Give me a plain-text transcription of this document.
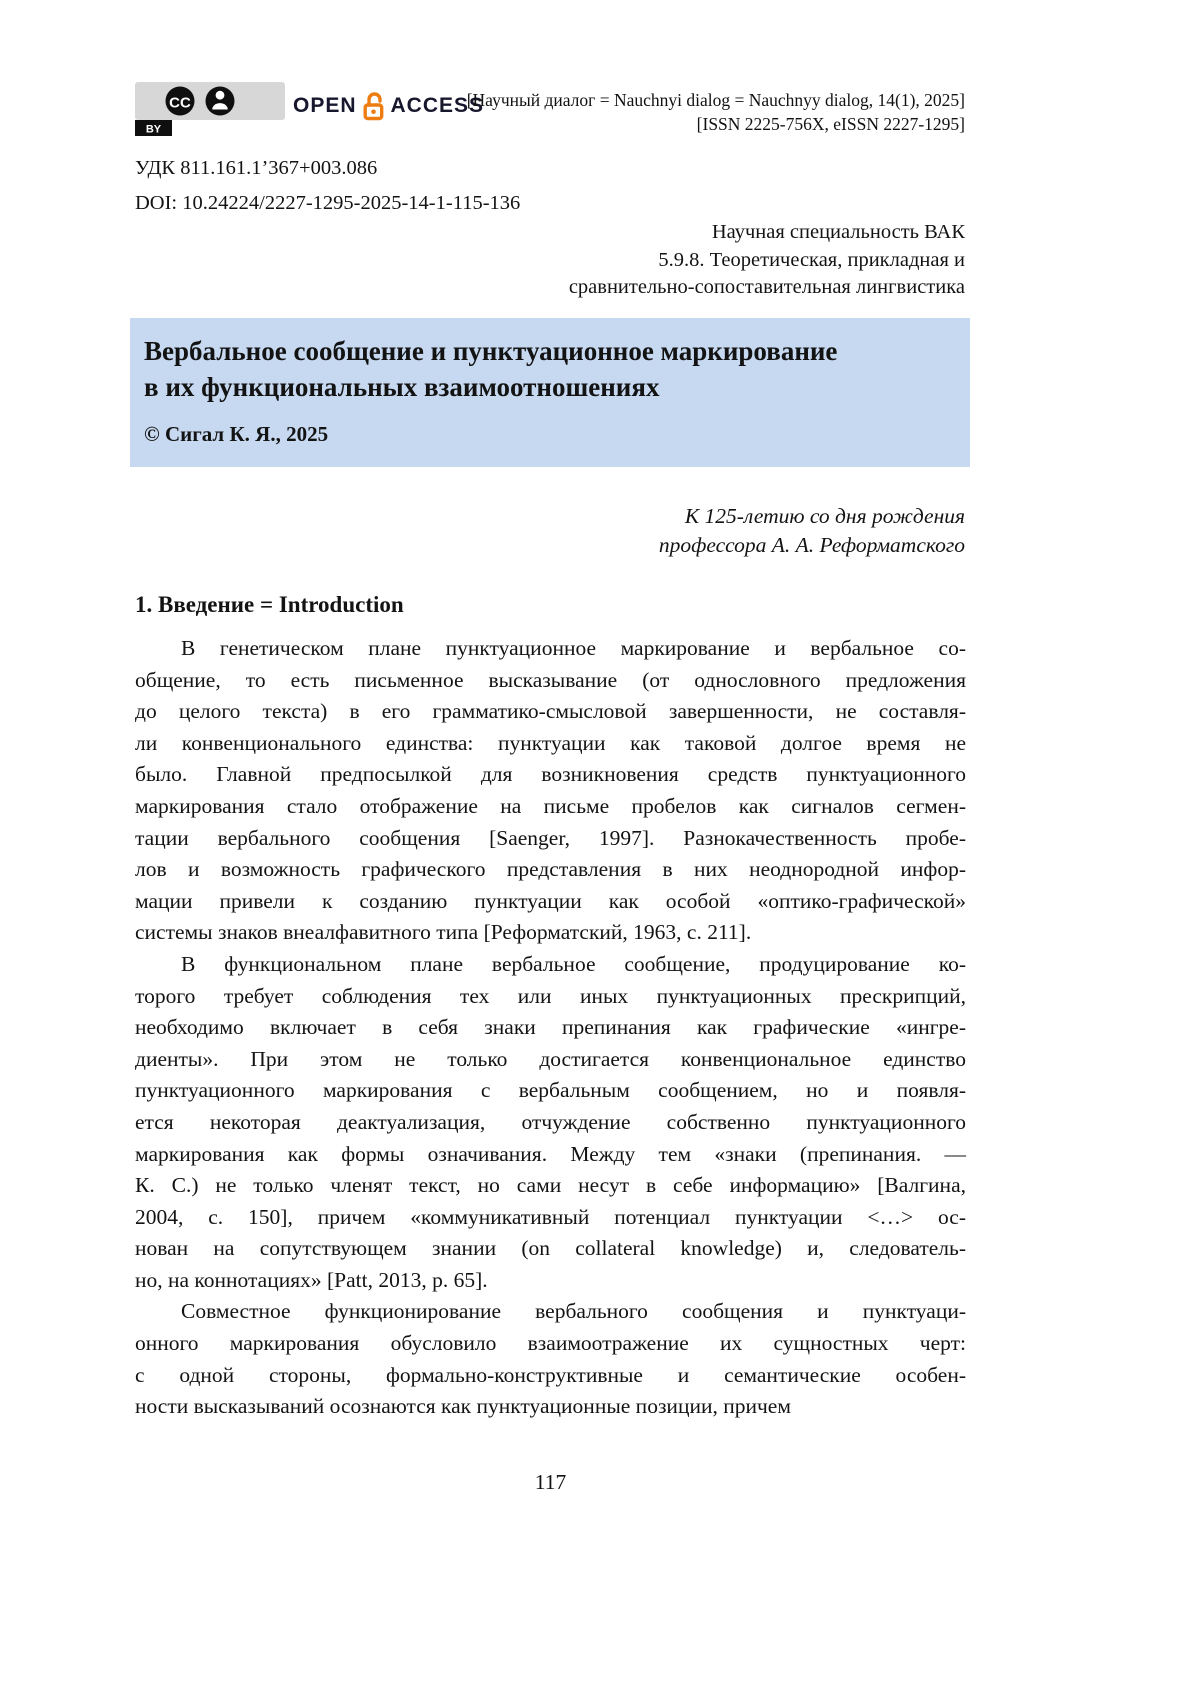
CC
BY
OPEN ACCESS
[Научный диалог = Nauchnyi dialog = Nauchnyy dialog, 14(1), 2025]
[ISSN 2225-756X, eISSN 2227-1295]
УДК 811.161.1’367+003.086
DOI: 10.24224/2227-1295-2025-14-1-115-136
Научная специальность ВАК
5.9.8. Теоретическая, прикладная и
сравнительно-сопоставительная лингвистика
Вербальное сообщение и пунктуационное маркирование
в их функциональных взаимоотношениях
© Сигал К. Я., 2025
К 125-летию со дня рождения
профессора А. А. Реформатского
1. Введение = Introduction
В генетическом плане пунктуационное маркирование и вербальное со-
общение, то есть письменное высказывание (от однословного предложения
до целого текста) в его грамматико-смысловой завершенности, не составля-
ли конвенционального единства: пунктуации как таковой долгое время не
было. Главной предпосылкой для возникновения средств пунктуационного
маркирования стало отображение на письме пробелов как сигналов сегмен-
тации вербального сообщения [Saenger, 1997]. Разнокачественность пробе-
лов и возможность графического представления в них неоднородной инфор-
мации привели к созданию пунктуации как особой «оптико-графической»
системы знаков внеалфавитного типа [Реформатский, 1963, с. 211].
В функциональном плане вербальное сообщение, продуцирование ко-
торого требует соблюдения тех или иных пунктуационных прескрипций,
необходимо включает в себя знаки препинания как графические «ингре-
диенты». При этом не только достигается конвенциональное единство
пунктуационного маркирования с вербальным сообщением, но и появля-
ется некоторая деактуализация, отчуждение собственно пунктуационного
маркирования как формы означивания. Между тем «знаки (препинания. —
К. С.) не только членят текст, но сами несут в себе информацию» [Валгина,
2004, с. 150], причем «коммуникативный потенциал пунктуации <…> ос-
нован на сопутствующем знании (on collateral knowledge) и, следователь-
но, на коннотациях» [Patt, 2013, p. 65].
Совместное функционирование вербального сообщения и пунктуаци-
онного маркирования обусловило взаимоотражение их сущностных черт:
с одной стороны, формально-конструктивные и семантические особен-
ности высказываний осознаются как пунктуационные позиции, причем
117
